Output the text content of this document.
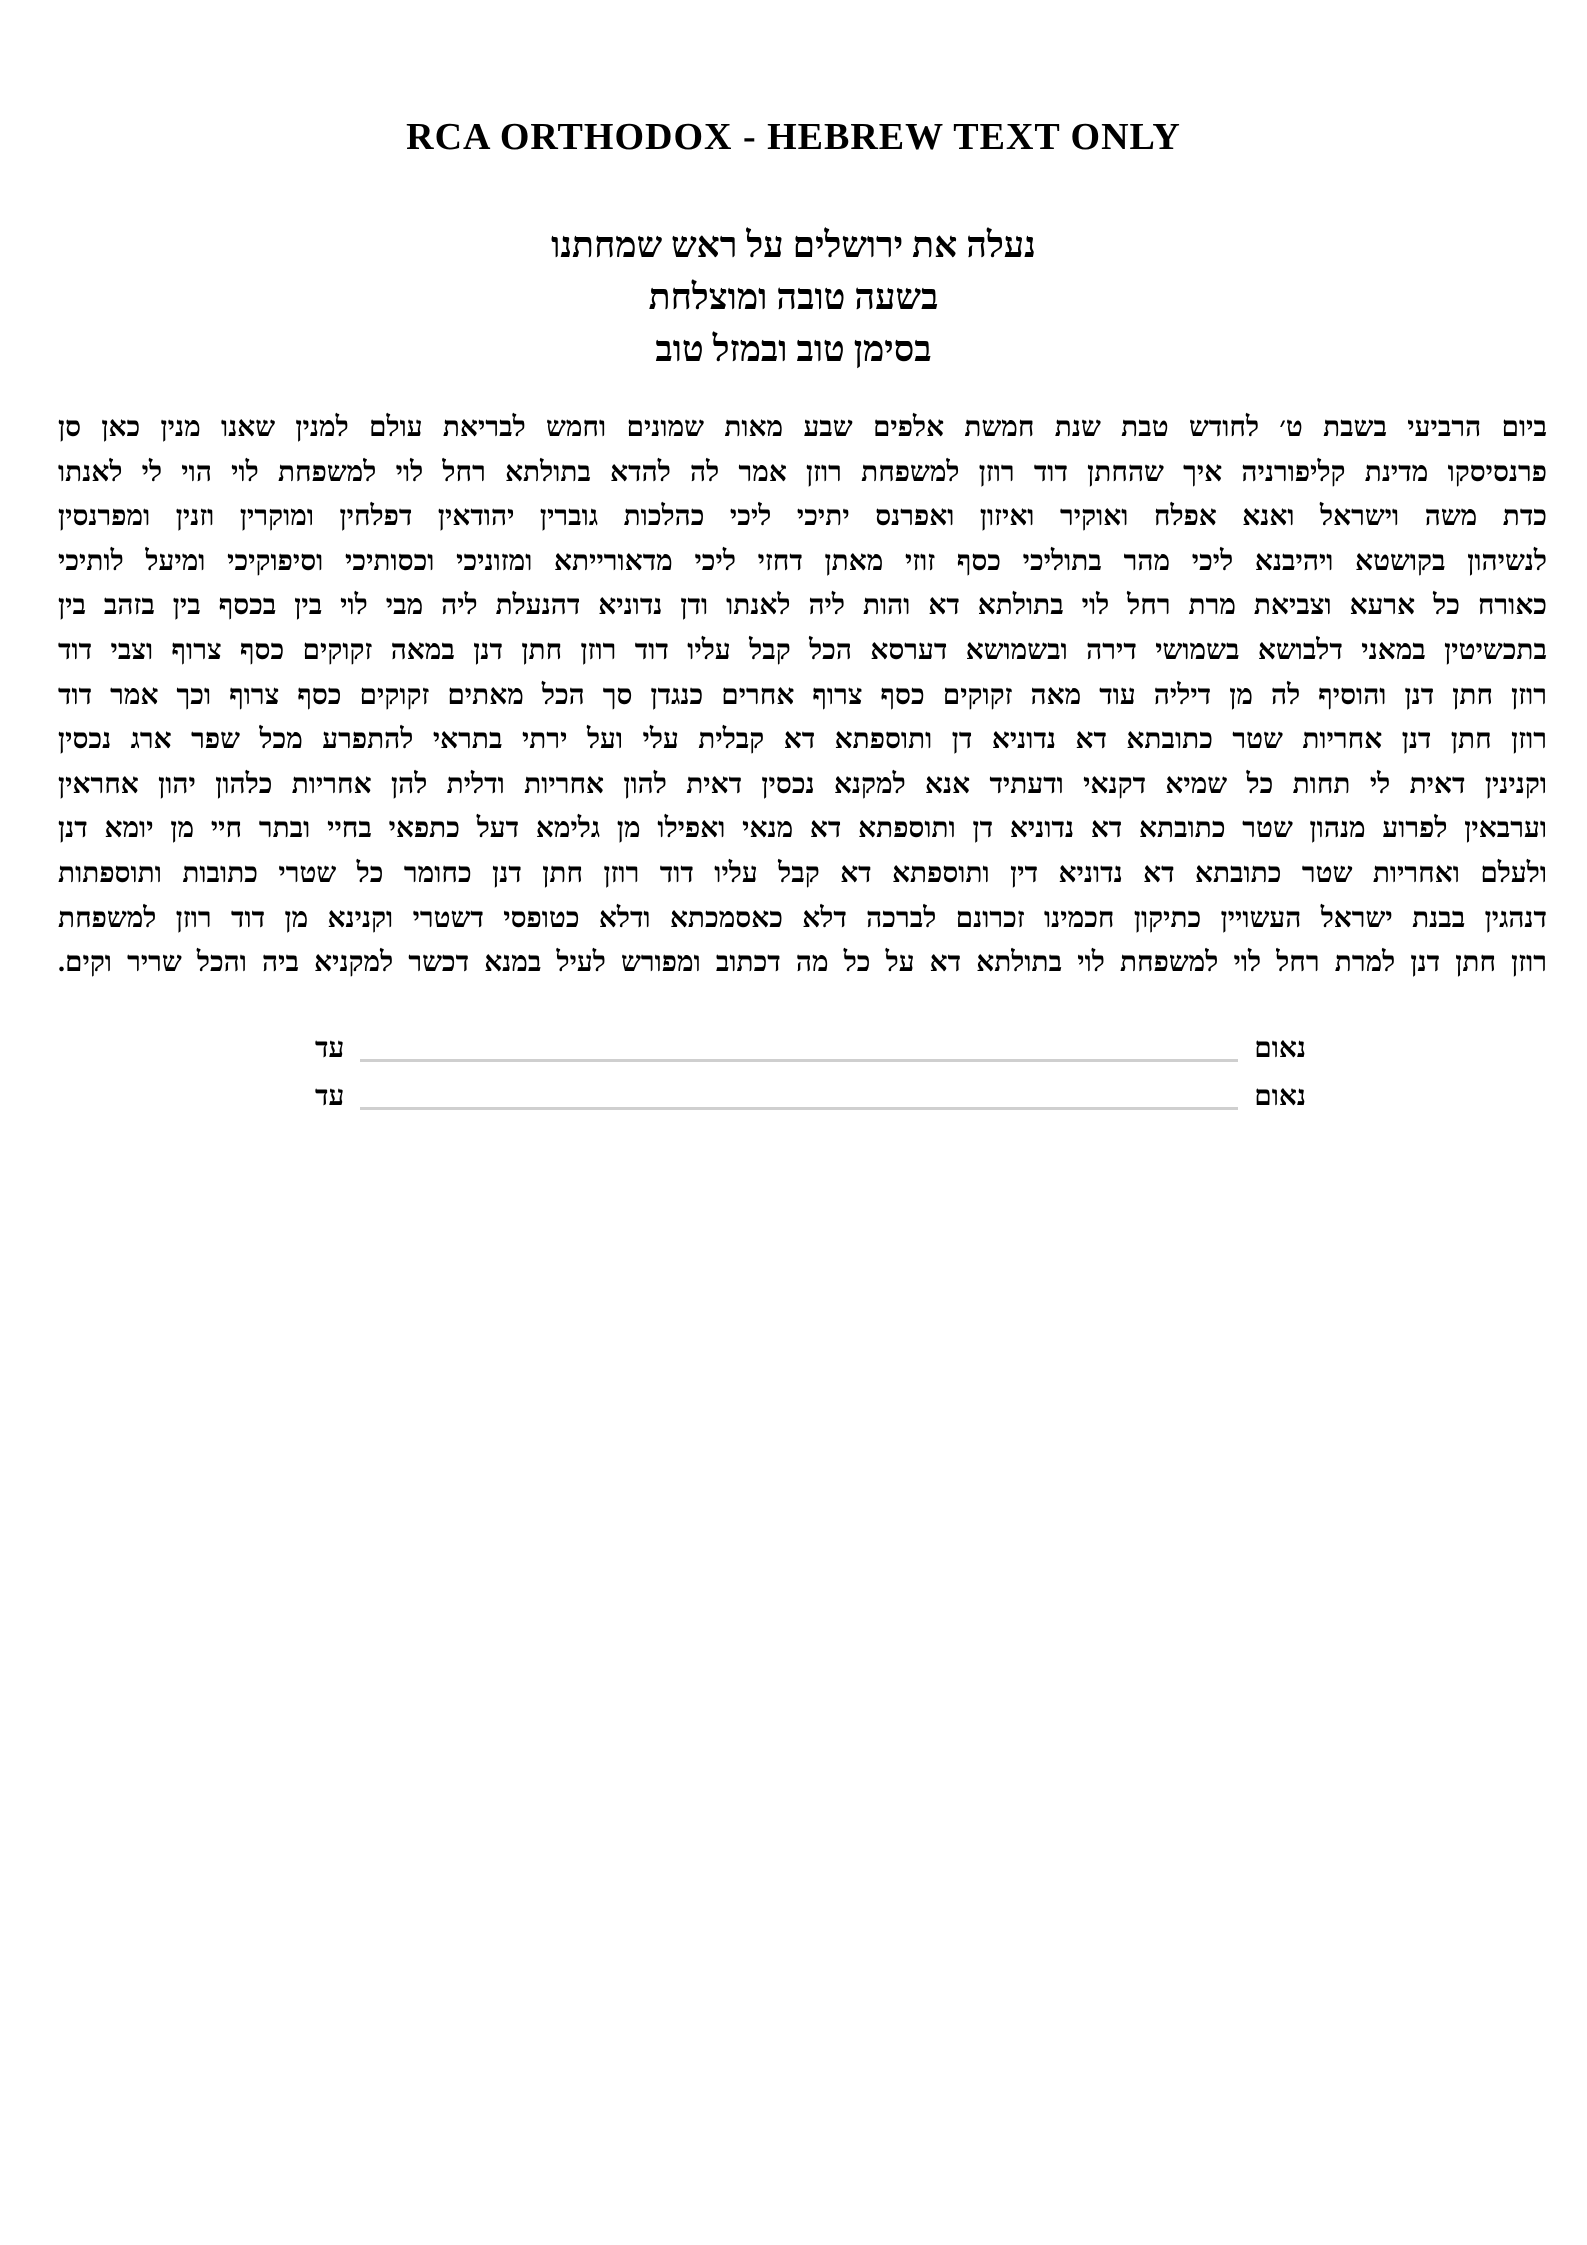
RCA ORTHODOX - HEBREW TEXT ONLY
נעלה את ירושלים על ראש שמחתנו
בשעה טובה ומוצלחת
בסימן טוב ובמזל טוב
ביום הרביעי בשבת ט׳ לחודש טבת שנת חמשת אלפים שבע מאות שמונים וחמש לבריאת עולם למנין שאנו מנין כאן סן
פרנסיסקו מדינת קליפורניה איך שהחתן דוד רוזן למשפחת רוזן אמר לה להדא בתולתא רחל לוי למשפחת לוי הוי לי לאנתו
כדת משה וישראל ואנא אפלח ואוקיר ואיזון ואפרנס יתיכי ליכי כהלכות גוברין יהודאין דפלחין ומוקרין וזנין ומפרנסין
לנשיהון בקושטא ויהיבנא ליכי מהר בתוליכי כסף זוזי מאתן דחזי ליכי מדאורייתא ומזוניכי וכסותיכי וסיפוקיכי ומיעל לותיכי
כאורח כל ארעא וצביאת מרת רחל לוי בתולתא דא והות ליה לאנתו ודן נדוניא דהנעלת ליה מבי לוי בין בכסף בין בזהב בין
בתכשיטין במאני דלבושא בשמושי דירה ובשמושא דערסא הכל קבל עליו דוד רוזן חתן דנן במאה זקוקים כסף צרוף וצבי דוד
רוזן חתן דנן והוסיף לה מן דיליה עוד מאה זקוקים כסף צרוף אחרים כנגדן סך הכל מאתים זקוקים כסף צרוף וכך אמר דוד
רוזן חתן דנן אחריות שטר כתובתא דא נדוניא דן ותוספתא דא קבלית עלי ועל ירתי בתראי להתפרע מכל שפר ארג נכסין
וקנינין דאית לי תחות כל שמיא דקנאי ודעתיד אנא למקנא נכסין דאית להון אחריות ודלית להן אחריות כלהון יהון אחראין
וערבאין לפרוע מנהון שטר כתובתא דא נדוניא דן ותוספתא דא מנאי ואפילו מן גלימא דעל כתפאי בחיי ובתר חיי מן יומא דנן
ולעלם ואחריות שטר כתובתא דא נדוניא דין ותוספתא דא קבל עליו דוד רוזן חתן דנן כחומר כל שטרי כתובות ותוספתות
דנהגין בבנת ישראל העשויין כתיקון חכמינו זכרונם לברכה דלא כאסמכתא ודלא כטופסי דשטרי וקנינא מן דוד רוזן למשפחת
רוזן חתן דנן למרת רחל לוי למשפחת לוי בתולתא דא על כל מה דכתוב ומפורש לעיל במנא דכשר למקניא ביה והכל שריר וקים.
נאום
עד
נאום
עד
